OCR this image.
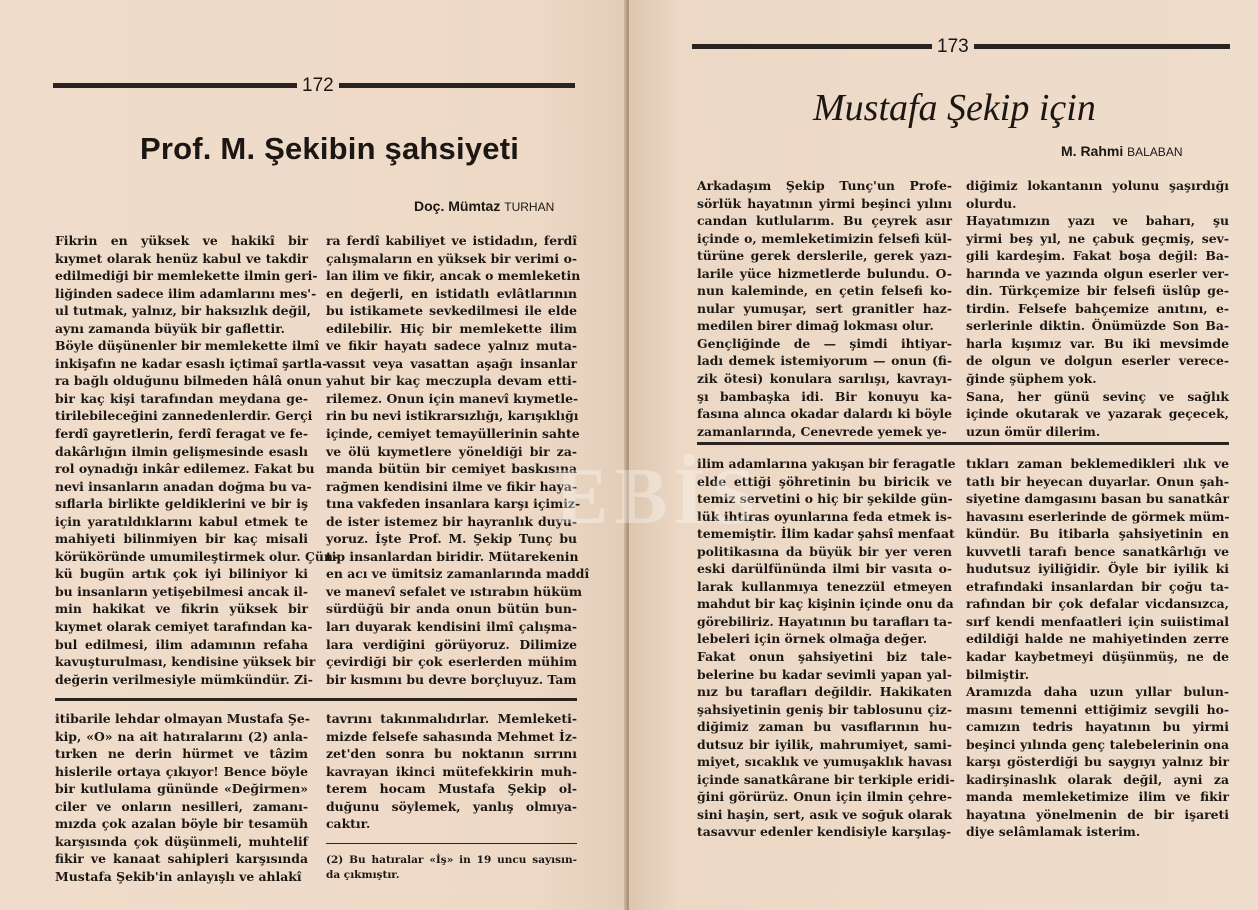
172
Prof. M. Şekibin şahsiyeti
Doç. Mümtaz TURHAN
Fikrin en yüksek ve hakikî bir
kıymet olarak henüz kabul ve takdir
edilmediği bir memlekette ilmin geri-
liğinden sadece ilim adamlarını mes'-
ul tutmak, yalnız, bir haksızlık değil,
aynı zamanda büyük bir gaflettir.
Böyle düşünenler bir memlekette ilmî
inkişafın ne kadar esaslı içtimaî şartla-
ra bağlı olduğunu bilmeden hâlâ onun
bir kaç kişi tarafından meydana ge-
tirilebileceğini zannedenlerdir. Gerçi
ferdî gayretlerin, ferdî feragat ve fe-
dakârlığın ilmin gelişmesinde esaslı
rol oynadığı inkâr edilemez. Fakat bu
nevi insanların anadan doğma bu va-
sıflarla birlikte geldiklerini ve bir iş
için yaratıldıklarını kabul etmek te
mahiyeti bilinmiyen bir kaç misali
körüköründe umumileştirmek olur. Çün-
kü bugün artık çok iyi biliniyor ki
bu insanların yetişebilmesi ancak il-
min hakikat ve fikrin yüksek bir
kıymet olarak cemiyet tarafından ka-
bul edilmesi, ilim adamının refaha
kavuşturulması, kendisine yüksek bir
değerin verilmesiyle mümkündür. Zi-
ra ferdî kabiliyet ve istidadın, ferdî
çalışmaların en yüksek bir verimi o-
lan ilim ve fikir, ancak o memleketin
en değerli, en istidatlı evlâtlarının
bu istikamete sevkedilmesi ile elde
edilebilir. Hiç bir memlekette ilim
ve fikir hayatı sadece yalnız muta-
vassıt veya vasattan aşağı insanlar
yahut bir kaç meczupla devam etti-
rilemez. Onun için manevî kıymetle-
rin bu nevi istikrarsızlığı, karışıklığı
içinde, cemiyet temayüllerinin sahte
ve ölü kıymetlere yöneldiği bir za-
manda bütün bir cemiyet baskısına
rağmen kendisini ilme ve fikir haya-
tına vakfeden insanlara karşı içimiz-
de ister istemez bir hayranlık duyu-
yoruz. İşte Prof. M. Şekip Tunç bu
tip insanlardan biridir. Mütarekenin
en acı ve ümitsiz zamanlarında maddî
ve manevî sefalet ve ıstırabın hüküm
sürdüğü bir anda onun bütün bun-
ları duyarak kendisini ilmî çalışma-
lara verdiğini görüyoruz. Dilimize
çevirdiği bir çok eserlerden mühim
bir kısmını bu devre borçluyuz. Tam
itibarile lehdar olmayan Mustafa Şe-
kip, «O» na ait hatıralarını (2) anla-
tırken ne derin hürmet ve tâzim
hislerile ortaya çıkıyor! Bence böyle
bir kutlulama gününde «Değirmen»
ciler ve onların nesilleri, zamanı-
mızda çok azalan böyle bir tesamüh
karşısında çok düşünmeli, muhtelif
fikir ve kanaat sahipleri karşısında
Mustafa Şekib'in anlayışlı ve ahlakî
tavrını takınmalıdırlar. Memleketi-
mizde felsefe sahasında Mehmet İz-
zet'den sonra bu noktanın sırrını
kavrayan ikinci mütefekkirin muh-
terem hocam Mustafa Şekip ol-
duğunu söylemek, yanlış olmıya-
caktır.
(2) Bu hatıralar «İş» in 19 uncu sayısın-
da çıkmıştır.
173
Mustafa Şekip için
M. Rahmi BALABAN
Arkadaşım Şekip Tunç'un Profe-
sörlük hayatının yirmi beşinci yılını
candan kutlularım. Bu çeyrek asır
içinde o, memleketimizin felsefi kül-
türüne gerek derslerile, gerek yazı-
larile yüce hizmetlerde bulundu. O-
nun kaleminde, en çetin felsefi ko-
nular yumuşar, sert granitler haz-
medilen birer dimağ lokması olur.
Gençliğinde de — şimdi ihtiyar-
ladı demek istemiyorum — onun (fi-
zik ötesi) konulara sarılışı, kavrayı-
şı bambaşka idi. Bir konuyu ka-
fasına alınca okadar dalardı ki böyle
zamanlarında, Cenevrede yemek ye-
diğimiz lokantanın yolunu şaşırdığı
olurdu.
Hayatımızın yazı ve baharı, şu
yirmi beş yıl, ne çabuk geçmiş, sev-
gili kardeşim. Fakat boşa değil: Ba-
harında ve yazında olgun eserler ver-
din. Türkçemize bir felsefi üslûp ge-
tirdin. Felsefe bahçemize anıtını, e-
serlerinle diktin. Önümüzde Son Ba-
harla kışımız var. Bu iki mevsimde
de olgun ve dolgun eserler verece-
ğinde şüphem yok.
Sana, her günü sevinç ve sağlık
içinde okutarak ve yazarak geçecek,
uzun ömür dilerim.
ilim adamlarına yakışan bir feragatle
elde ettiği şöhretinin bu biricik ve
temiz servetini o hiç bir şekilde gün-
lük ihtiras oyunlarına feda etmek is-
tememiştir. İlim kadar şahsî menfaat
politikasına da büyük bir yer veren
eski darülfününda ilmi bir vasıta o-
larak kullanmıya tenezzül etmeyen
mahdut bir kaç kişinin içinde onu da
görebiliriz. Hayatının bu tarafları ta-
lebeleri için örnek olmağa değer.
Fakat onun şahsiyetini biz tale-
belerine bu kadar sevimli yapan yal-
nız bu tarafları değildir. Hakikaten
şahsiyetinin geniş bir tablosunu çiz-
diğimiz zaman bu vasıflarının hu-
dutsuz bir iyilik, mahrumiyet, sami-
miyet, sıcaklık ve yumuşaklık havası
içinde sanatkârane bir terkiple eridi-
ğini görürüz. Onun için ilmin çehre-
sini haşin, sert, asık ve soğuk olarak
tasavvur edenler kendisiyle karşılaş-
tıkları zaman beklemedikleri ılık ve
tatlı bir heyecan duyarlar. Onun şah-
siyetine damgasını basan bu sanatkâr
havasını eserlerinde de görmek müm-
kündür. Bu itibarla şahsiyetinin en
kuvvetli tarafı bence sanatkârlığı ve
hudutsuz iyiliğidir. Öyle bir iyilik ki
etrafındaki insanlardan bir çoğu ta-
rafından bir çok defalar vicdansızca,
sırf kendi menfaatleri için suiistimal
edildiği halde ne mahiyetinden zerre
kadar kaybetmeyi düşünmüş, ne de
bilmiştir.
Aramızda daha uzun yıllar bulun-
masını temenni ettiğimiz sevgili ho-
camızın tedris hayatının bu yirmi
beşinci yılında genç talebelerinin ona
karşı gösterdiği bu saygıyı yalnız bir
kadirşinaslık olarak değil, ayni za
manda memleketimize ilim ve fikir
hayatına yönelmenin de bir işareti
diye selâmlamak isterim.
EBİS
